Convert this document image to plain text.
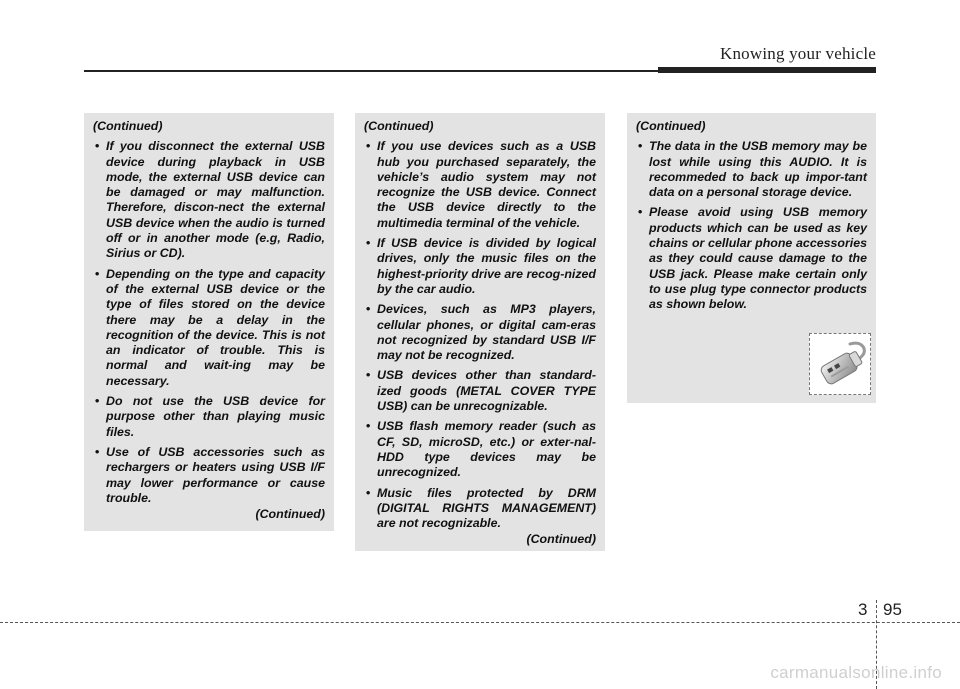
Knowing your vehicle

(Continued)

• If you disconnect the external USB device during playback in USB mode, the external USB device can be damaged or may malfunction. Therefore, discon-nect the external USB device when the audio is turned off or in another mode (e.g, Radio, Sirius or CD).
• Depending on the type and capacity of the external USB device or the type of files stored on the device there may be a delay in the recognition of the device. This is not an indicator of trouble. This is normal and wait-ing may be necessary.
• Do not use the USB device for purpose other than playing music files.
• Use of USB accessories such as rechargers or heaters using USB I/F may lower performance or cause trouble.
(Continued)

(Continued)

• If you use devices such as a USB hub you purchased separately, the vehicle’s audio system may not recognize the USB device. Connect the USB device directly to the multimedia terminal of the vehicle.
• If USB device is divided by logical drives, only the music files on the highest-priority drive are recog-nized by the car audio.
• Devices, such as MP3 players, cellular phones, or digital cam-eras not recognized by standard USB I/F may not be recognized.
• USB devices other than standard-ized goods (METAL COVER TYPE USB) can be unrecognizable.
• USB flash memory reader (such as CF, SD, microSD, etc.) or exter-nal-HDD type devices may be unrecognized.
• Music files protected by DRM (DIGITAL RIGHTS MANAGEMENT) are not recognizable.
(Continued)

(Continued)

• The data in the USB memory may be lost while using this AUDIO. It is recommeded to back up impor-tant data on a personal storage device.
• Please avoid using USB memory products which can be used as key chains or cellular phone accessories as they could cause damage to the USB jack. Please make certain only to use plug type connector products as shown below.
3 95
carmanualsonline.info
